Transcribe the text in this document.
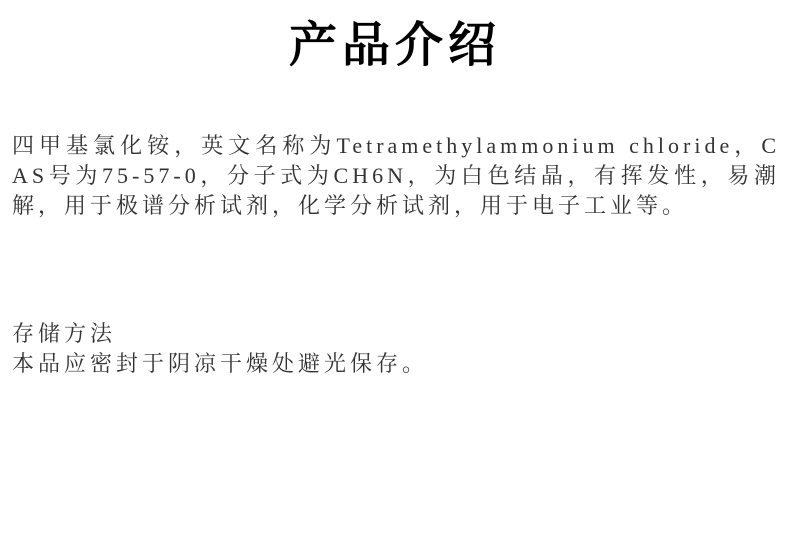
产品介绍

四甲基氯化铵，英文名称为Tetramethylammonium chloride，CAS号为75-57-0，分子式为CH6N，为白色结晶，有挥发性，易潮解，用于极谱分析试剂，化学分析试剂，用于电子工业等。

存储方法
本品应密封于阴凉干燥处避光保存。
